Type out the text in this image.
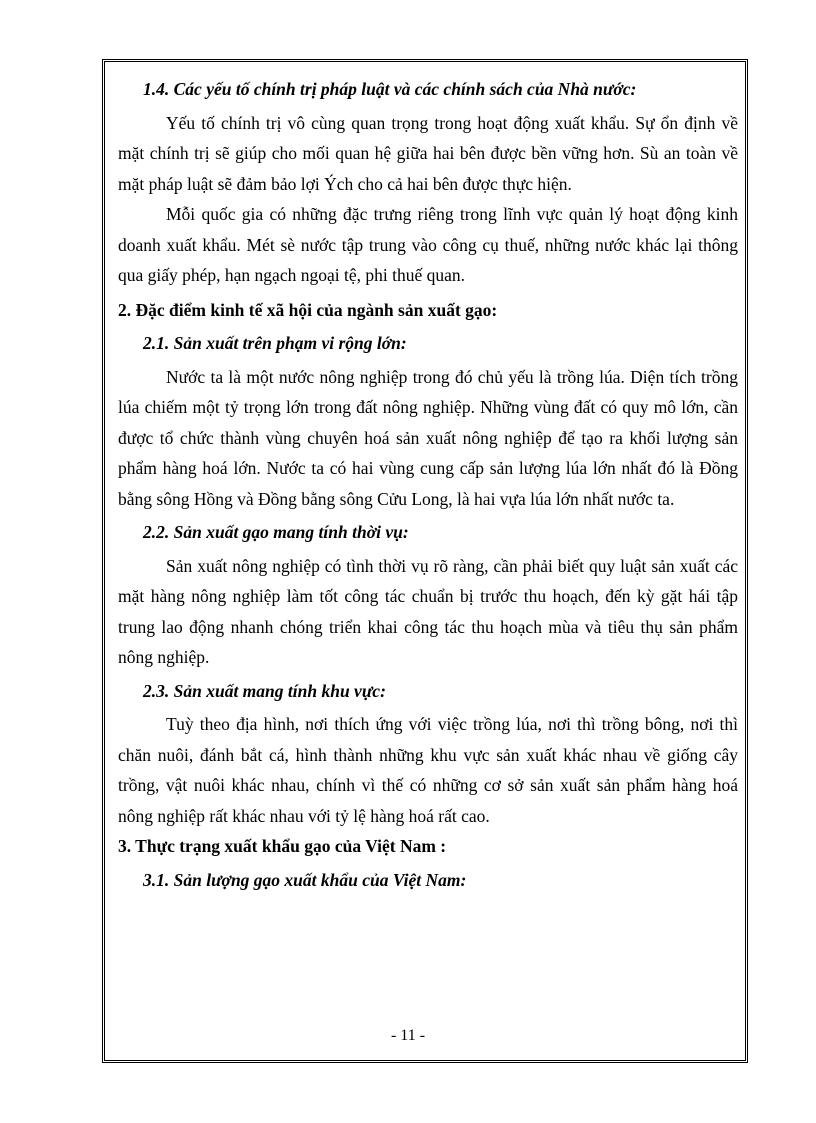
1.4. Các yếu tố chính trị pháp luật và các chính sách của Nhà nước:

Yếu tố chính trị vô cùng quan trọng trong hoạt động xuất khẩu. Sự ổn định về mặt chính trị sẽ giúp cho mối quan hệ giữa hai bên được bền vững hơn. Sù an toàn về mặt pháp luật sẽ đảm bảo lợi Ých cho cả hai bên được thực hiện.

Mỗi quốc gia có những đặc trưng riêng trong lĩnh vực quản lý hoạt động kinh doanh xuất khẩu. Mét sè nước tập trung vào công cụ thuế, những nước khác lại thông qua giấy phép, hạn ngạch ngoại tệ, phi thuế quan.

2. Đặc điểm kinh tế xã hội của ngành sản xuất gạo:

2.1. Sản xuất trên phạm vi rộng lớn:

Nước ta là một nước nông nghiệp trong đó chủ yếu là trồng lúa. Diện tích trồng lúa chiếm một tỷ trọng lớn trong đất nông nghiệp. Những vùng đất có quy mô lớn, cần được tổ chức thành vùng chuyên hoá sản xuất nông nghiệp để tạo ra khối lượng sản phẩm hàng hoá lớn. Nước ta có hai vùng cung cấp sản lượng lúa lớn nhất đó là Đồng bằng sông Hồng và Đồng bằng sông Cửu Long, là hai vựa lúa lớn nhất nước ta.

2.2. Sản xuất gạo mang tính thời vụ:

Sản xuất nông nghiệp có tình thời vụ rõ ràng, cần phải biết quy luật sản xuất các mặt hàng nông nghiệp làm tốt công tác chuẩn bị trước thu hoạch, đến kỳ gặt hái tập trung lao động nhanh chóng triển khai công tác thu hoạch mùa và tiêu thụ sản phẩm nông nghiệp.

2.3. Sản xuất mang tính khu vực:

Tuỳ theo địa hình, nơi thích ứng với việc trồng lúa, nơi thì trồng bông, nơi thì chăn nuôi, đánh bắt cá, hình thành những khu vực sản xuất khác nhau về giống cây trồng, vật nuôi khác nhau, chính vì thế có những cơ sở sản xuất sản phẩm hàng hoá nông nghiệp rất khác nhau với tỷ lệ hàng hoá rất cao.

3. Thực trạng xuất khẩu gạo của Việt Nam :

3.1. Sản lượng gạo xuất khẩu của Việt Nam:

- 11 -
